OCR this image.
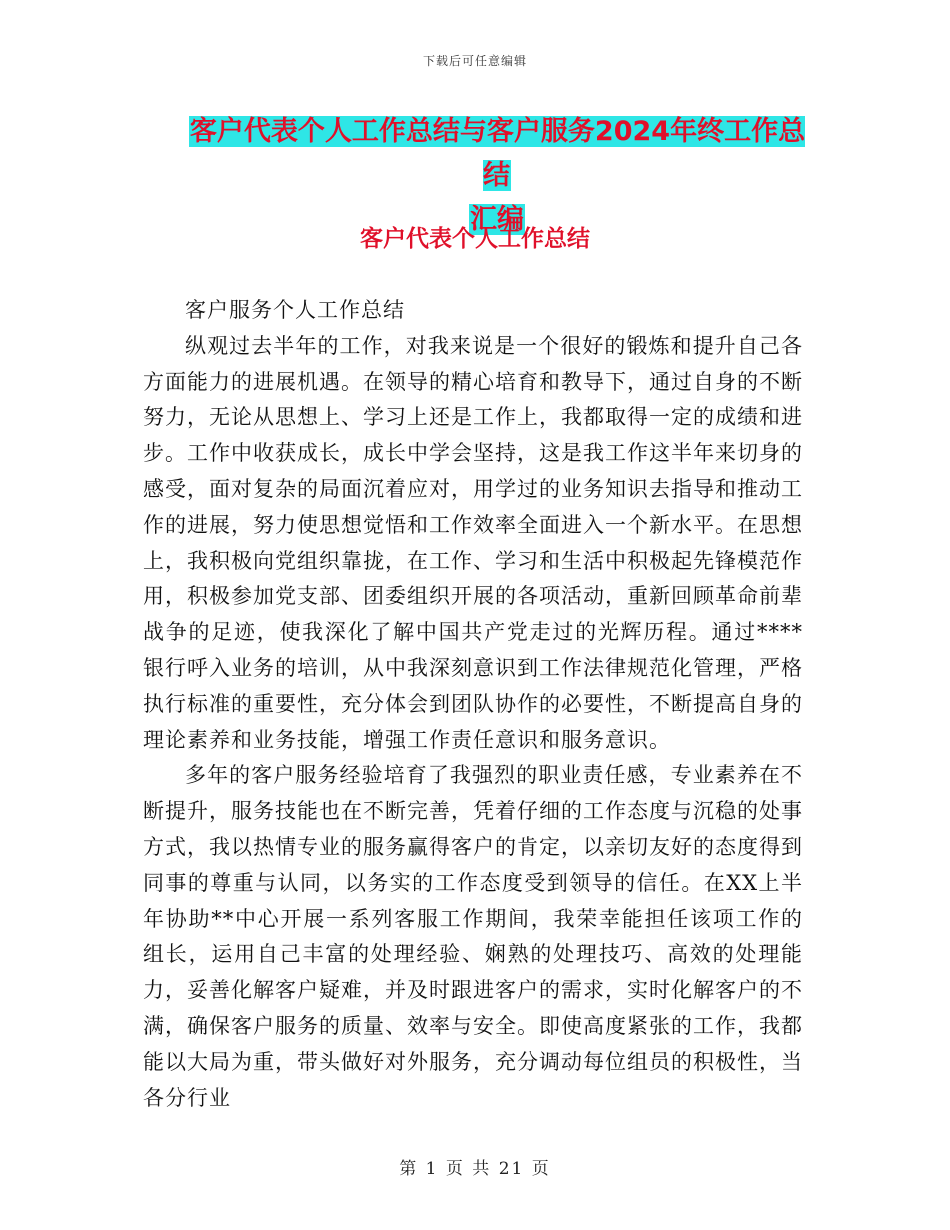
下载后可任意编辑
客户代表个人工作总结与客户服务2024年终工作总结
汇编
客户代表个人工作总结

客户服务个人工作总结

纵观过去半年的工作，对我来说是一个很好的锻炼和提升自己各方面能力的进展机遇。在领导的精心培育和教导下，通过自身的不断努力，无论从思想上、学习上还是工作上，我都取得一定的成绩和进步。工作中收获成长，成长中学会坚持，这是我工作这半年来切身的感受，面对复杂的局面沉着应对，用学过的业务知识去指导和推动工作的进展，努力使思想觉悟和工作效率全面进入一个新水平。在思想上，我积极向党组织靠拢，在工作、学习和生活中积极起先锋模范作用，积极参加党支部、团委组织开展的各项活动，重新回顾革命前辈战争的足迹，使我深化了解中国共产党走过的光辉历程。通过****银行呼入业务的培训，从中我深刻意识到工作法律规范化管理，严格执行标准的重要性，充分体会到团队协作的必要性，不断提高自身的理论素养和业务技能，增强工作责任意识和服务意识。

多年的客户服务经验培育了我强烈的职业责任感，专业素养在不断提升，服务技能也在不断完善，凭着仔细的工作态度与沉稳的处事方式，我以热情专业的服务赢得客户的肯定，以亲切友好的态度得到同事的尊重与认同，以务实的工作态度受到领导的信任。在XX上半年协助**中心开展一系列客服工作期间，我荣幸能担任该项工作的组长，运用自己丰富的处理经验、娴熟的处理技巧、高效的处理能力，妥善化解客户疑难，并及时跟进客户的需求，实时化解客户的不满，确保客户服务的质量、效率与安全。即使高度紧张的工作，我都能以大局为重，带头做好对外服务，充分调动每位组员的积极性，当各分行业

第 1 页 共 21 页
